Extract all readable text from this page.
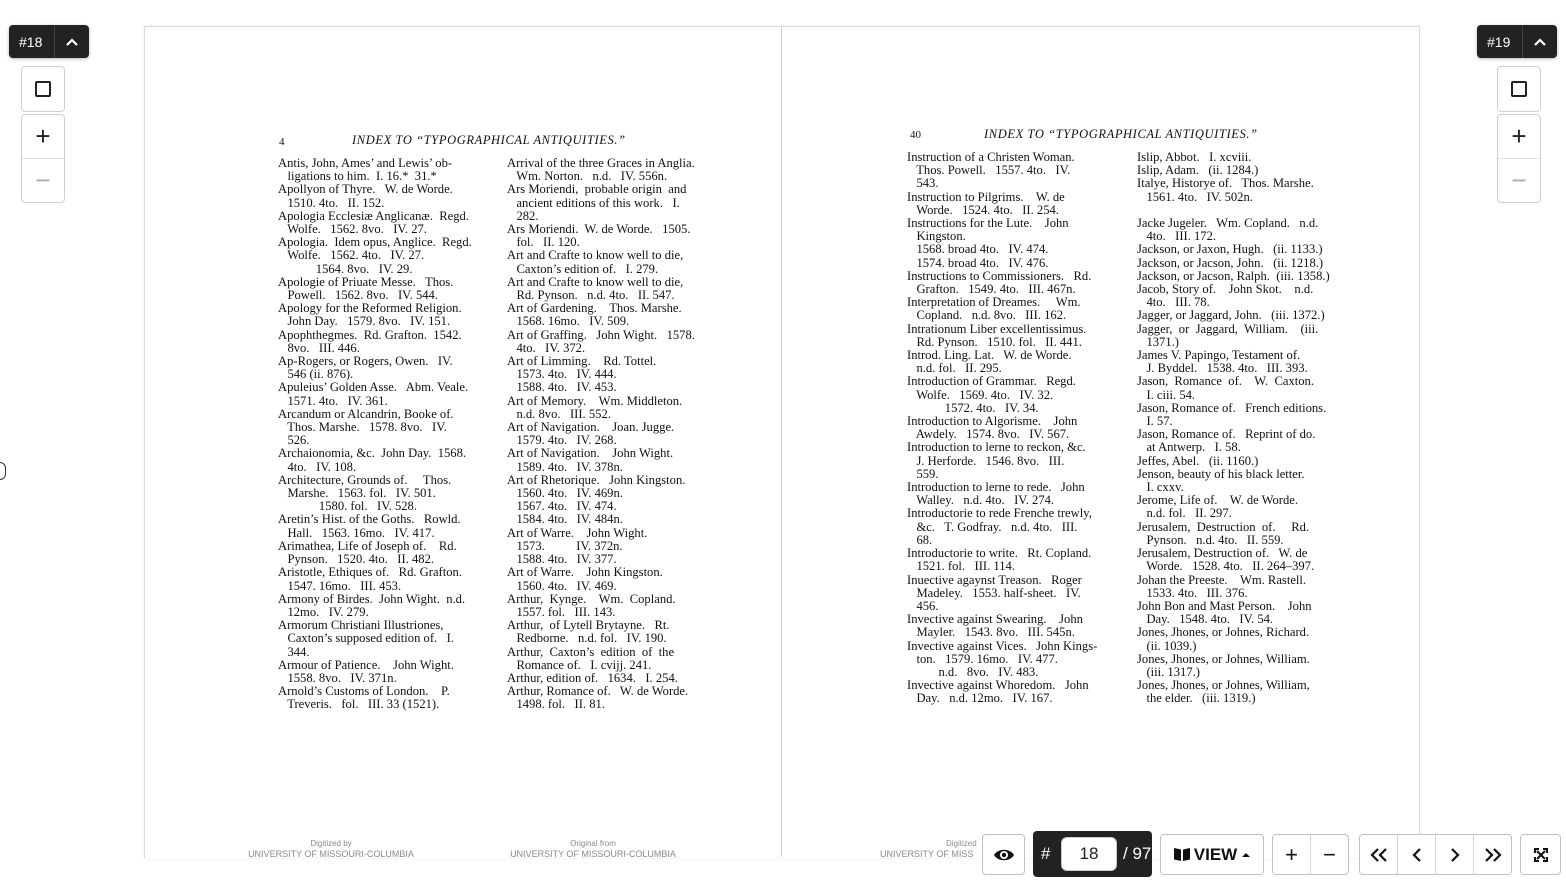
4	INDEX TO “TYPOGRAPHICAL ANTIQUITIES.”
Antis, John, Ames’ and Lewis’ ob-
ligations to him.  I. 16.*  31.*
Apollyon of Thyre.   W. de Worde.
1510. 4to.   II. 152.
Apologia Ecclesiæ Anglicanæ.  Regd.
Wolfe.   1562. 8vo.   IV. 27.
Apologia.  Idem opus, Anglice.  Regd.
Wolfe.   1562. 4to.   IV. 27.
1564. 8vo.   IV. 29.
Apologie of Priuate Messe.   Thos.
Powell.   1562. 8vo.   IV. 544.
Apology for the Reformed Religion.
John Day.   1579. 8vo.   IV. 151.
Apophthegmes.  Rd. Grafton.  1542.
8vo.   III. 446.
Ap-Rogers, or Rogers, Owen.   IV.
546 (ii. 876).
Apuleius’ Golden Asse.   Abm. Veale.
1571. 4to.   IV. 361.
Arcandum or Alcandrin, Booke of.
Thos. Marshe.   1578. 8vo.   IV.
526.
Archaionomia, &c.  John Day.  1568.
4to.   IV. 108.
Architecture, Grounds of.     Thos.
Marshe.   1563. fol.   IV. 501.
1580. fol.   IV. 528.
Aretin’s Hist. of the Goths.   Rowld.
Hall.   1563. 16mo.   IV. 417.
Arimathea, Life of Joseph of.    Rd.
Pynson.   1520. 4to.   II. 482.
Aristotle, Ethiques of.   Rd. Grafton.
1547. 16mo.   III. 453.
Armony of Birdes.  John Wight.  n.d.
12mo.   IV. 279.
Armorum Christiani Illustriones,
Caxton’s supposed edition of.   I.
344.
Armour of Patience.    John Wight.
1558. 8vo.   IV. 371n.
Arnold’s Customs of London.    P.
Treveris.   fol.   III. 33 (1521).
Arrival of the three Graces in Anglia.
Wm. Norton.   n.d.   IV. 556n.
Ars Moriendi,  probable origin  and
ancient editions of this work.   I.
282.
Ars Moriendi.  W. de Worde.   1505.
fol.   II. 120.
Art and Crafte to know well to die,
Caxton’s edition of.   I. 279.
Art and Crafte to know well to die,
Rd. Pynson.   n.d. 4to.   II. 547.
Art of Gardening.    Thos. Marshe.
1568. 16mo.   IV. 509.
Art of Graffing.   John Wight.   1578.
4to.   IV. 372.
Art of Limming.    Rd. Tottel.
1573. 4to.   IV. 444.
1588. 4to.   IV. 453.
Art of Memory.    Wm. Middleton.
n.d. 8vo.   III. 552.
Art of Navigation.    Joan. Jugge.
1579. 4to.   IV. 268.
Art of Navigation.    John Wight.
1589. 4to.   IV. 378n.
Art of Rhetorique.   John Kingston.
1560. 4to.   IV. 469n.
1567. 4to.   IV. 474.
1584. 4to.   IV. 484n.
Art of Warre.    John Wight.
1573.          IV. 372n.
1588. 4to.   IV. 377.
Art of Warre.    John Kingston.
1560. 4to.   IV. 469.
Arthur,  Kynge.    Wm.  Copland.
1557. fol.   III. 143.
Arthur,  of Lytell Brytayne.   Rt.
Redborne.   n.d. fol.   IV. 190.
Arthur,  Caxton’s  edition  of  the
Romance of.   I. cvijj. 241.
Arthur, edition of.   1634.   I. 254.
Arthur, Romance of.   W. de Worde.
1498. fol.   II. 81.
Digitized by
UNIVERSITY OF MISSOURI-COLUMBIA
Original from
UNIVERSITY OF MISSOURI-COLUMBIA
40	INDEX TO “TYPOGRAPHICAL ANTIQUITIES.”
Instruction of a Christen Woman.
Thos. Powell.   1557. 4to.   IV.
543.
Instruction to Pilgrims.    W. de
Worde.   1524. 4to.   II. 254.
Instructions for the Lute.    John
Kingston.
1568. broad 4to.   IV. 474.
1574. broad 4to.   IV. 476.
Instructions to Commissioners.   Rd.
Grafton.   1549. 4to.   III. 467n.
Interpretation of Dreames.     Wm.
Copland.   n.d. 8vo.   III. 162.
Intrationum Liber excellentissimus.
Rd. Pynson.   1510. fol.   II. 441.
Introd. Ling. Lat.   W. de Worde.
n.d. fol.   II. 295.
Introduction of Grammar.   Regd.
Wolfe.   1569. 4to.   IV. 32.
1572. 4to.   IV. 34.
Introduction to Algorisme.    John
Awdely.   1574. 8vo.   IV. 567.
Introduction to lerne to reckon, &c.
J. Herforde.   1546. 8vo.   III.
559.
Introduction to lerne to rede.   John
Walley.   n.d. 4to.   IV. 274.
Introductorie to rede Frenche trewly,
&c.   T. Godfray.   n.d. 4to.   III.
68.
Introductorie to write.   Rt. Copland.
1521. fol.   III. 114.
Inuective agaynst Treason.   Roger
Madeley.   1553. half-sheet.   IV.
456.
Invective against Swearing.    John
Mayler.   1543. 8vo.   III. 545n.
Invective against Vices.   John Kings-
ton.   1579. 16mo.   IV. 477.
n.d.   8vo.   IV. 483.
Invective against Whoredom.   John
Day.   n.d. 12mo.   IV. 167.
Islip, Abbot.   I. xcviii.
Islip, Adam.   (ii. 1284.)
Italye, Historye of.   Thos. Marshe.
1561. 4to.   IV. 502n.

Jacke Jugeler.   Wm. Copland.   n.d.
4to.   III. 172.
Jackson, or Jaxon, Hugh.   (ii. 1133.)
Jackson, or Jacson, John.   (ii. 1218.)
Jackson, or Jacson, Ralph.  (iii. 1358.)
Jacob, Story of.    John Skot.    n.d.
4to.   III. 78.
Jagger, or Jaggard, John.   (iii. 1372.)
Jagger,  or  Jaggard,  William.    (iii.
1371.)
James V. Papingo, Testament of.
J. Byddel.   1538. 4to.   III. 393.
Jason,  Romance  of.    W.  Caxton.
I. ciii. 54.
Jason, Romance of.   French editions.
I. 57.
Jason, Romance of.   Reprint of do.
at Antwerp.   I. 58.
Jeffes, Abel.   (ii. 1160.)
Jenson, beauty of his black letter.
I. cxxv.
Jerome, Life of.    W. de Worde.
n.d. fol.   II. 297.
Jerusalem,  Destruction  of.     Rd.
Pynson.   n.d. 4to.   II. 559.
Jerusalem, Destruction of.   W. de
Worde.   1528. 4to.   II. 264–397.
Johan the Preeste.    Wm. Rastell.
1533. 4to.   III. 376.
John Bon and Mast Person.    John
Day.   1548. 4to.   IV. 54.
Jones, Jhones, or Johnes, Richard.
(ii. 1039.)
Jones, Jhones, or Johnes, William.
(iii. 1317.)
Jones, Jhones, or Johnes, William,
the elder.   (iii. 1319.)
Digitized
UNIVERSITY OF MISS
#18
+
−
#19
+
−
#
18	/ 97 VIEW	+	−
